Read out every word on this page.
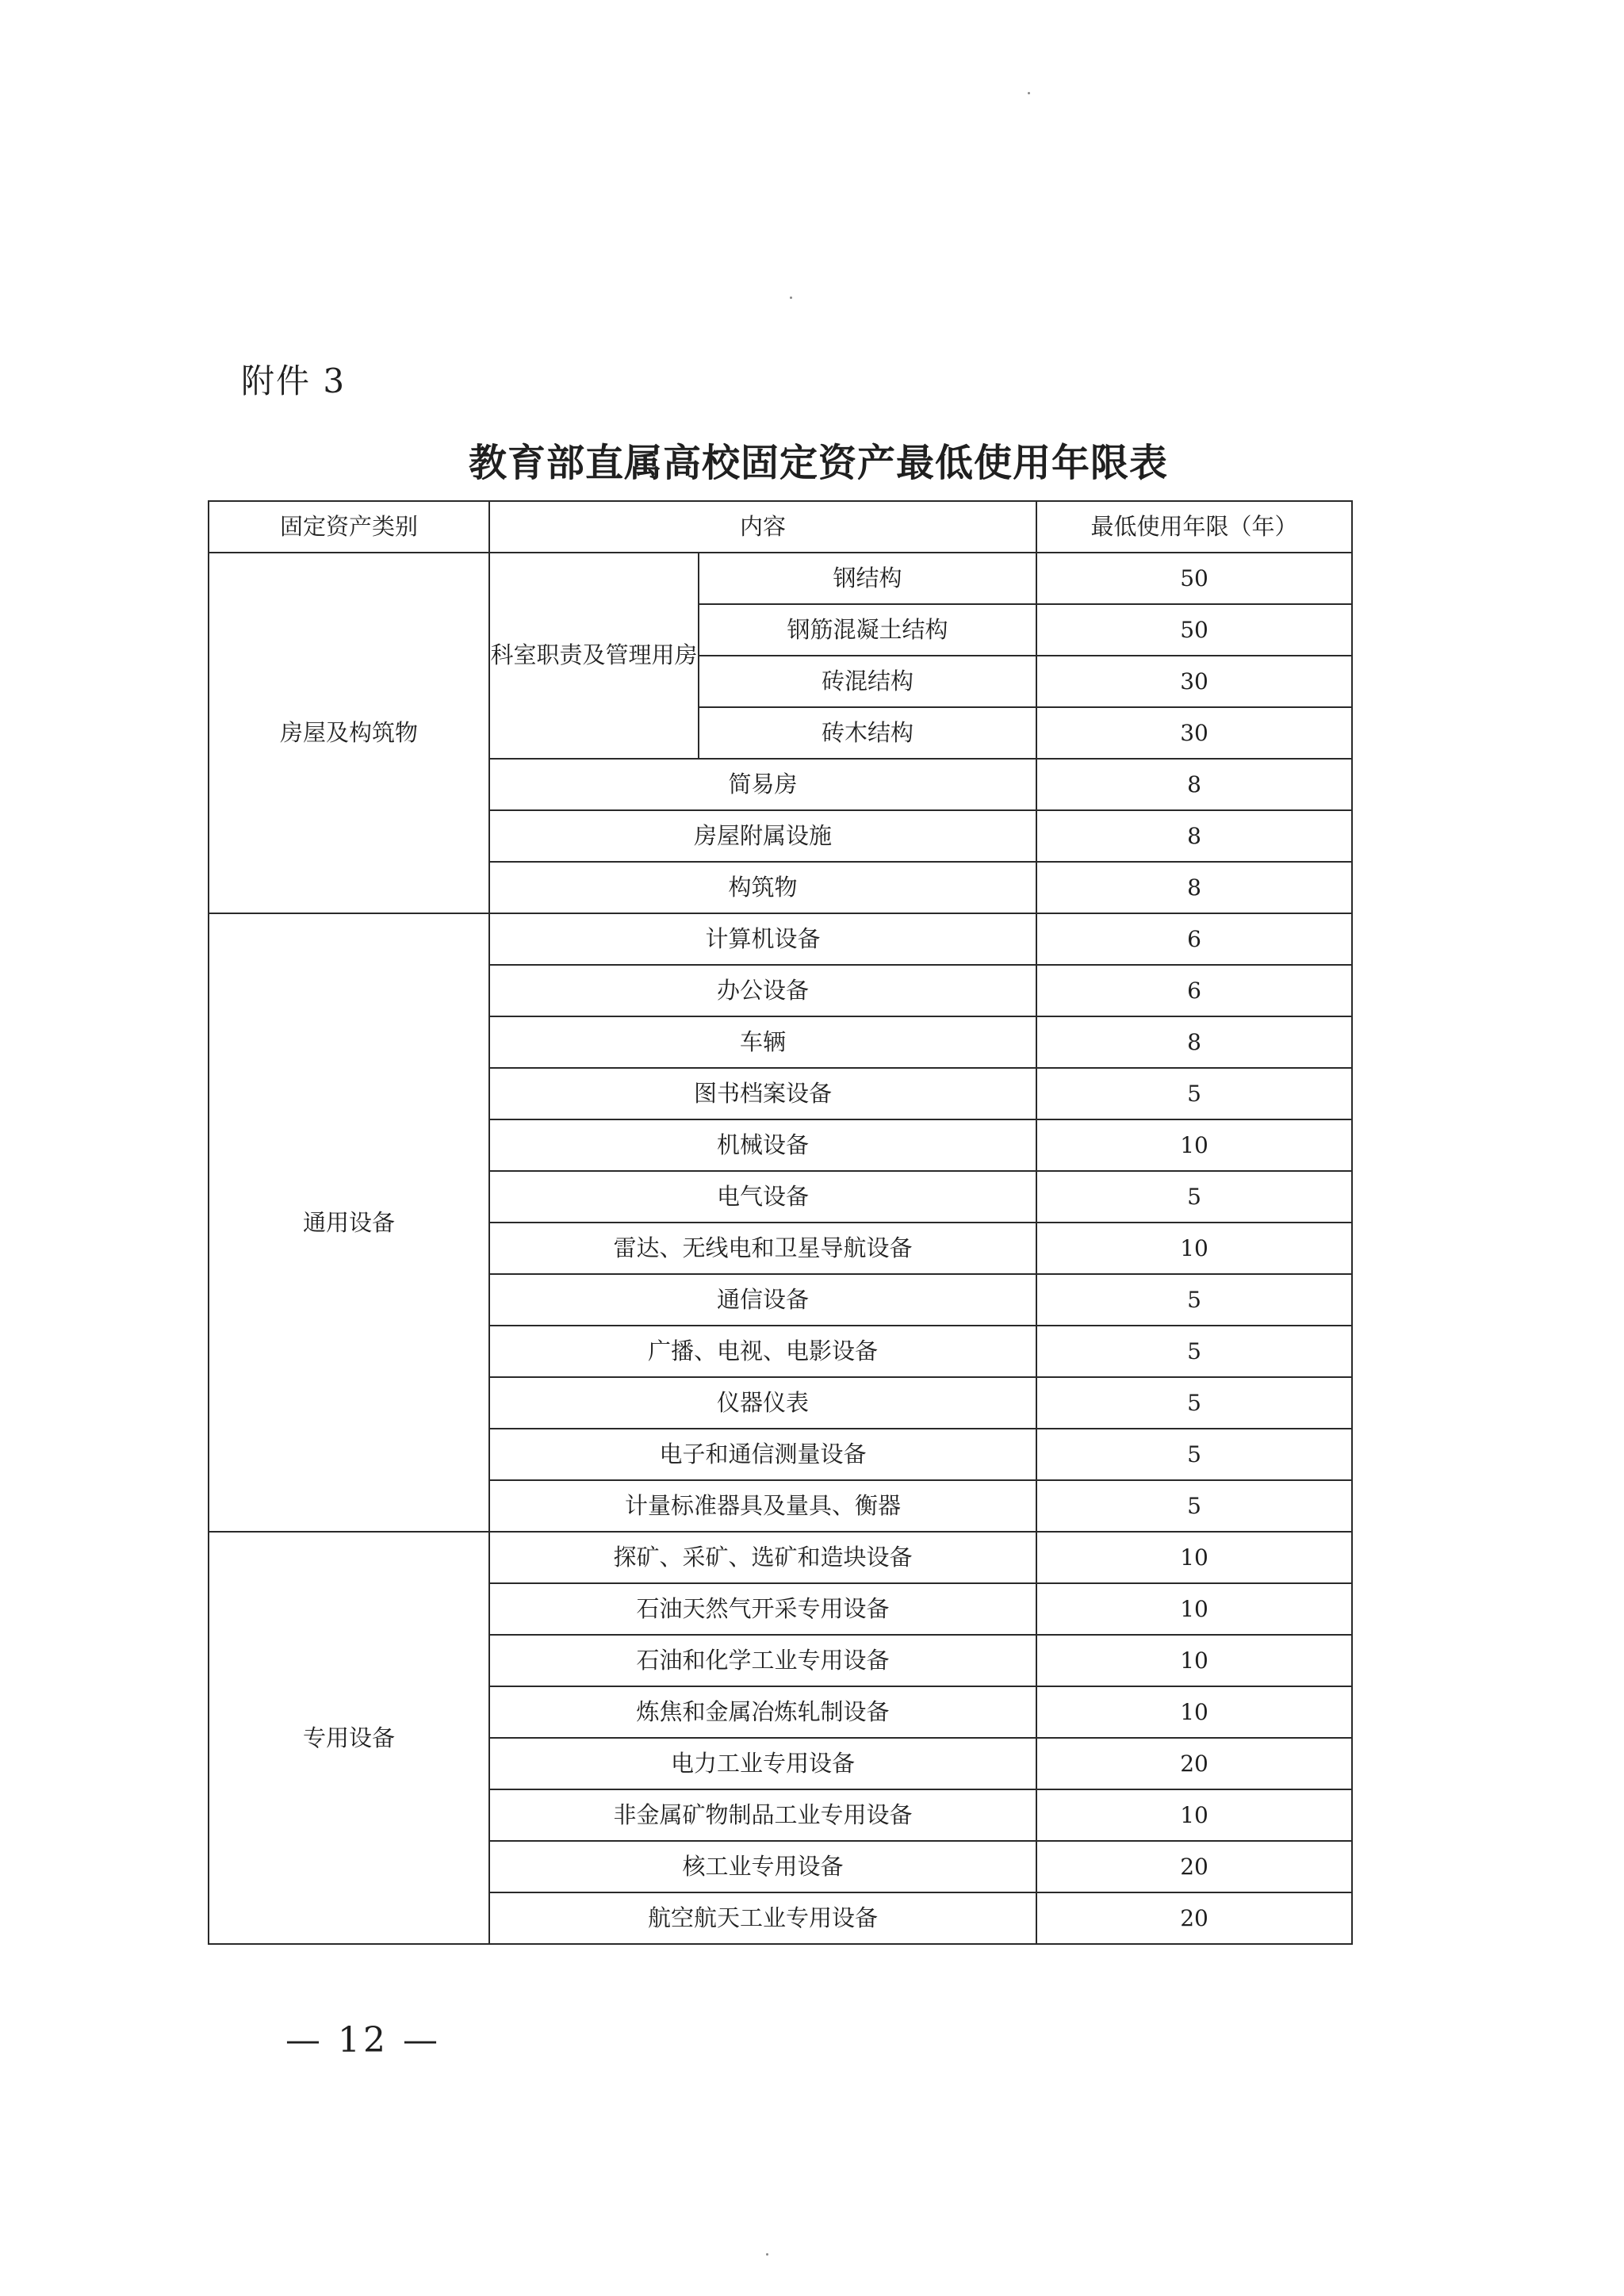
附件 3
教育部直属高校固定资产最低使用年限表
固定资产类别	内容		最低使用年限（年）
房屋及构筑物	科室职责及管理用房	钢结构	50
		钢筋混凝土结构	50
		砖混结构	30
		砖木结构	30
	简易房		8
	房屋附属设施		8
	构筑物		8
通用设备	计算机设备		6
	办公设备		6
	车辆		8
	图书档案设备		5
	机械设备		10
	电气设备		5
	雷达、无线电和卫星导航设备		10
	通信设备		5
	广播、电视、电影设备		5
	仪器仪表		5
	电子和通信测量设备		5
	计量标准器具及量具、衡器		5
专用设备	探矿、采矿、选矿和造块设备		10
	石油天然气开采专用设备		10
	石油和化学工业专用设备		10
	炼焦和金属冶炼轧制设备		10
	电力工业专用设备		20
	非金属矿物制品工业专用设备		10
	核工业专用设备		20
	航空航天工业专用设备		20
— 12 —
